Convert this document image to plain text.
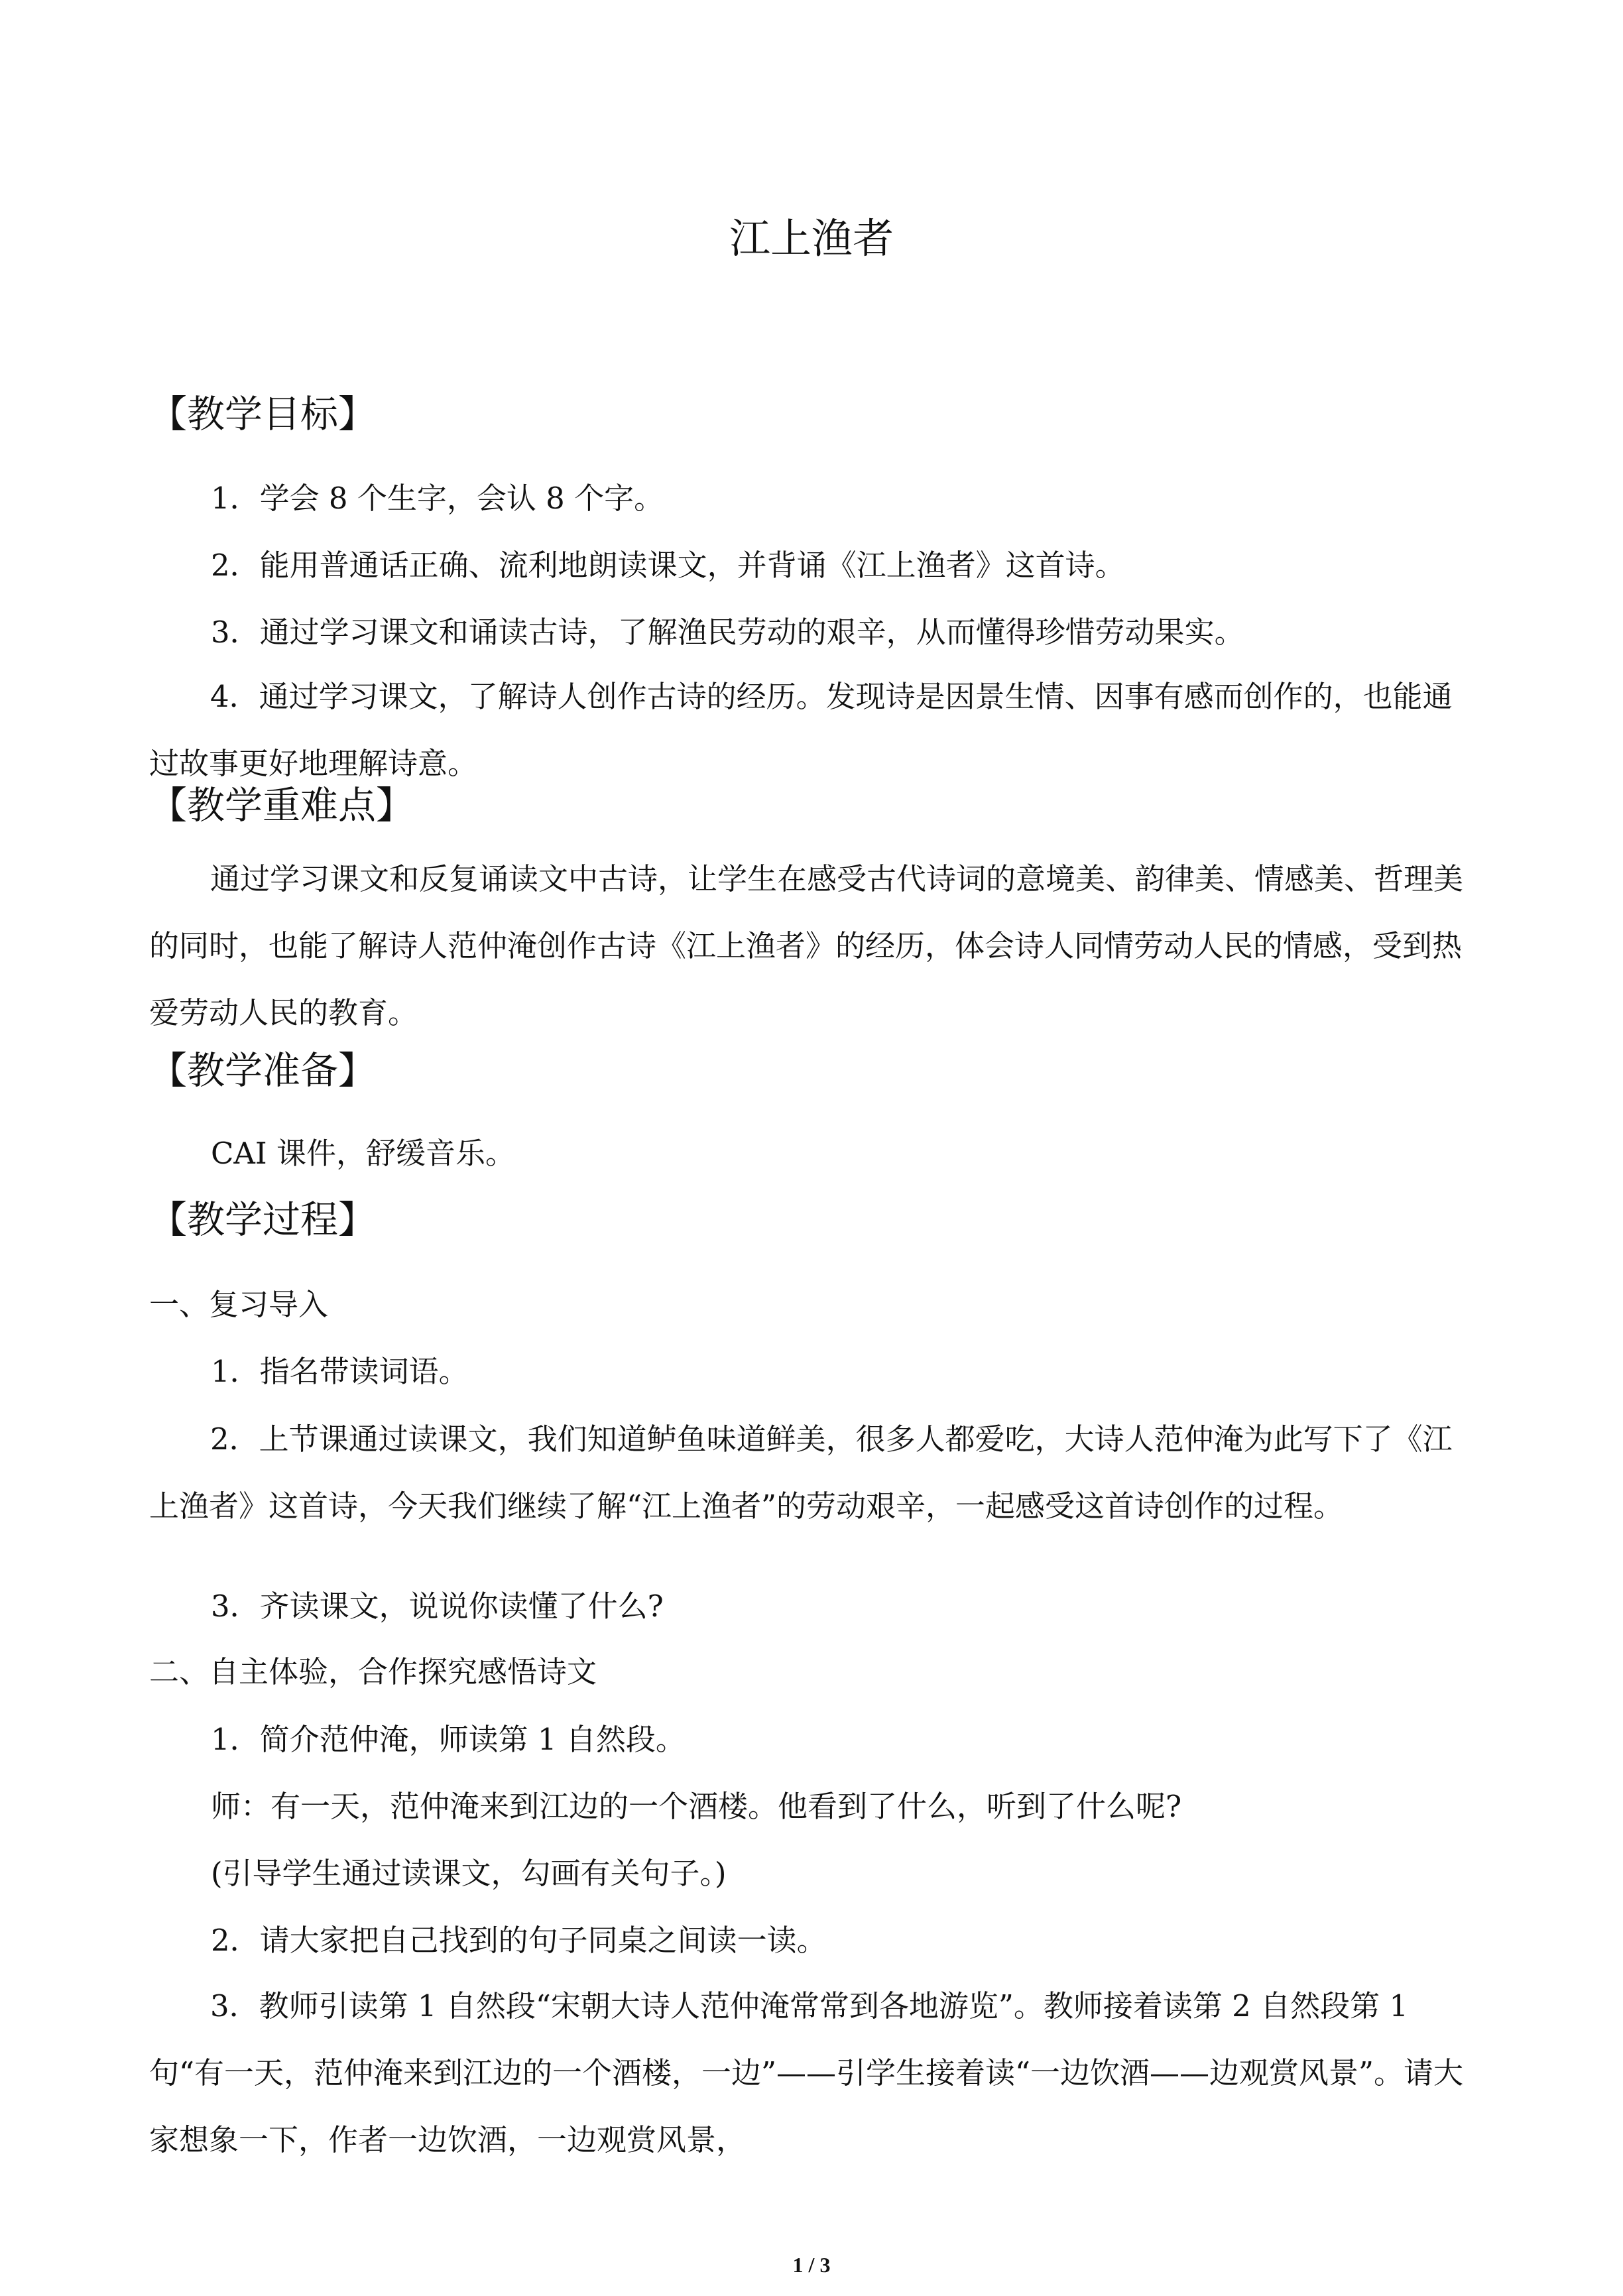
江上渔者
【教学目标】
1．学会 8 个生字，会认 8 个字。
2．能用普通话正确、流利地朗读课文，并背诵《江上渔者》这首诗。
3．通过学习课文和诵读古诗，了解渔民劳动的艰辛，从而懂得珍惜劳动果实。

4．通过学习课文，了解诗人创作古诗的经历。发现诗是因景生情、因事有感而创作的，也能通过故事更好地理解诗意。

【教学重难点】

通过学习课文和反复诵读文中古诗，让学生在感受古代诗词的意境美、韵律美、情感美、哲理美的同时，也能了解诗人范仲淹创作古诗《江上渔者》的经历，体会诗人同情劳动人民的情感，受到热爱劳动人民的教育。

【教学准备】
CAI 课件，舒缓音乐。
【教学过程】
一、复习导入
1．指名带读词语。

2．上节课通过读课文，我们知道鲈鱼味道鲜美，很多人都爱吃，大诗人范仲淹为此写下了《江上渔者》这首诗，今天我们继续了解“江上渔者”的劳动艰辛，一起感受这首诗创作的过程。

3．齐读课文，说说你读懂了什么?
二、自主体验，合作探究感悟诗文
1．简介范仲淹，师读第 1 自然段。
师：有一天，范仲淹来到江边的一个酒楼。他看到了什么，听到了什么呢?
(引导学生通过读课文，勾画有关句子。)
2．请大家把自己找到的句子同桌之间读一读。

3．教师引读第 1 自然段“宋朝大诗人范仲淹常常到各地游览”。教师接着读第 2 自然段第 1 句“有一天，范仲淹来到江边的一个酒楼，一边”——引学生接着读“一边饮酒——边观赏风景”。请大家想象一下，作者一边饮酒，一边观赏风景，

1 / 3
